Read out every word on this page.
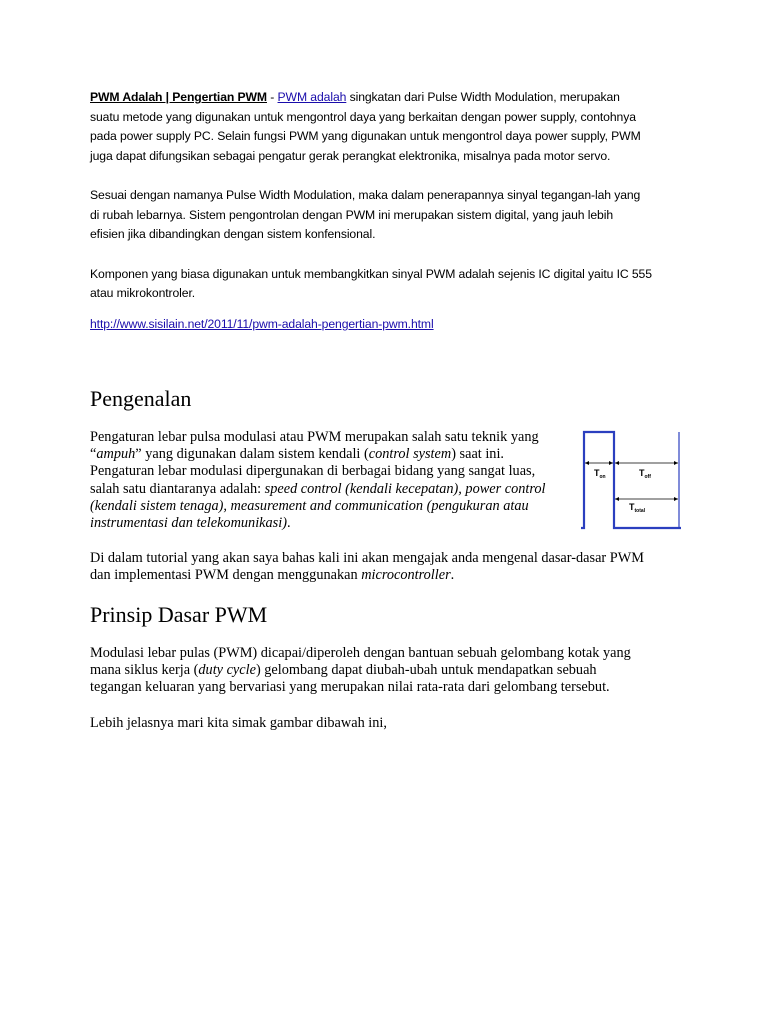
PWM Adalah | Pengertian PWM - PWM adalah singkatan dari Pulse Width Modulation, merupakan
suatu metode yang digunakan untuk mengontrol daya yang berkaitan dengan power supply, contohnya
pada power supply PC. Selain fungsi PWM yang digunakan untuk mengontrol daya power supply, PWM
juga dapat difungsikan sebagai pengatur gerak perangkat elektronika, misalnya pada motor servo.

Sesuai dengan namanya Pulse Width Modulation, maka dalam penerapannya sinyal tegangan-lah yang
di rubah lebarnya. Sistem pengontrolan dengan PWM ini merupakan sistem digital, yang jauh lebih
efisien jika dibandingkan dengan sistem konfensional.

Komponen yang biasa digunakan untuk membangkitkan sinyal PWM adalah sejenis IC digital yaitu IC 555
atau mikrokontroler.

http://www.sisilain.net/2011/11/pwm-adalah-pengertian-pwm.html

Pengenalan
Pengaturan lebar pulsa modulasi atau PWM merupakan salah satu teknik yang
“ampuh” yang digunakan dalam sistem kendali (control system) saat ini.
Pengaturan lebar modulasi dipergunakan di berbagai bidang yang sangat luas,
salah satu diantaranya adalah: speed control (kendali kecepatan), power control
(kendali sistem tenaga), measurement and communication (pengukuran atau
instrumentasi dan telekomunikasi).
$T_{on}$	$T_{off}$
$T_{total}$
Di dalam tutorial yang akan saya bahas kali ini akan mengajak anda mengenal dasar-dasar PWM
dan implementasi PWM dengan menggunakan microcontroller.
Prinsip Dasar PWM
Modulasi lebar pulas (PWM) dicapai/diperoleh dengan bantuan sebuah gelombang kotak yang
mana siklus kerja (duty cycle) gelombang dapat diubah-ubah untuk mendapatkan sebuah
tegangan keluaran yang bervariasi yang merupakan nilai rata-rata dari gelombang tersebut.
Lebih jelasnya mari kita simak gambar dibawah ini,
